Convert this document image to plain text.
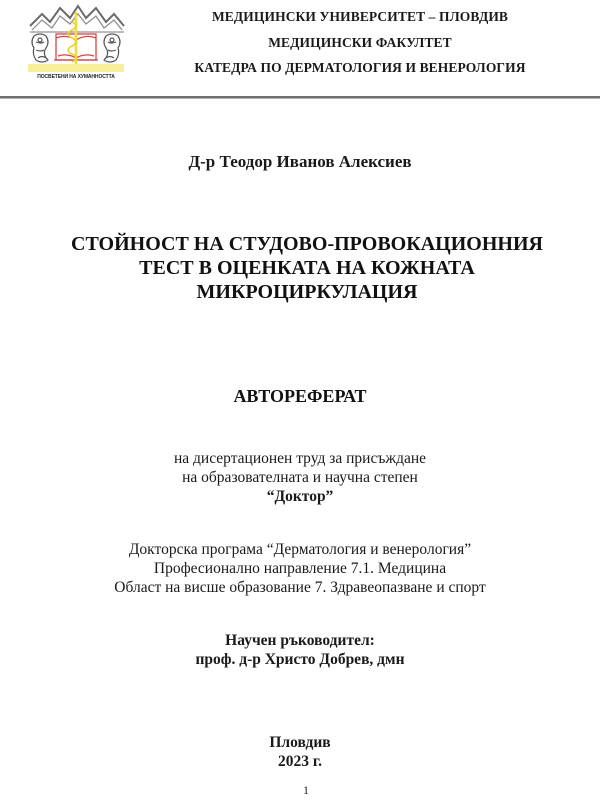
ПОСВЕТЕНИ НА ХУМАННОСТТА
МЕДИЦИНСКИ УНИВЕРСИТЕТ – ПЛОВДИВ
МЕДИЦИНСКИ ФАКУЛТЕТ
КАТЕДРА ПО ДЕРМАТОЛОГИЯ И ВЕНЕРОЛОГИЯ
Д-р Теодор Иванов Алексиев
СТОЙНОСТ НА СТУДОВО-ПРОВОКАЦИОННИЯ
ТЕСТ В ОЦЕНКАТА НА КОЖНАТА
МИКРОЦИРКУЛАЦИЯ
АВТОРЕФЕРАТ
на дисертационен труд за присъждане
на образователната и научна степен
“Доктор”
Докторска програма “Дерматология и венерология”
Професионално направление 7.1. Медицина
Област на висше образование 7. Здравеопазване и спорт
Научен ръководител:
проф. д-р Христо Добрев, дмн
Пловдив
2023 г.
1
